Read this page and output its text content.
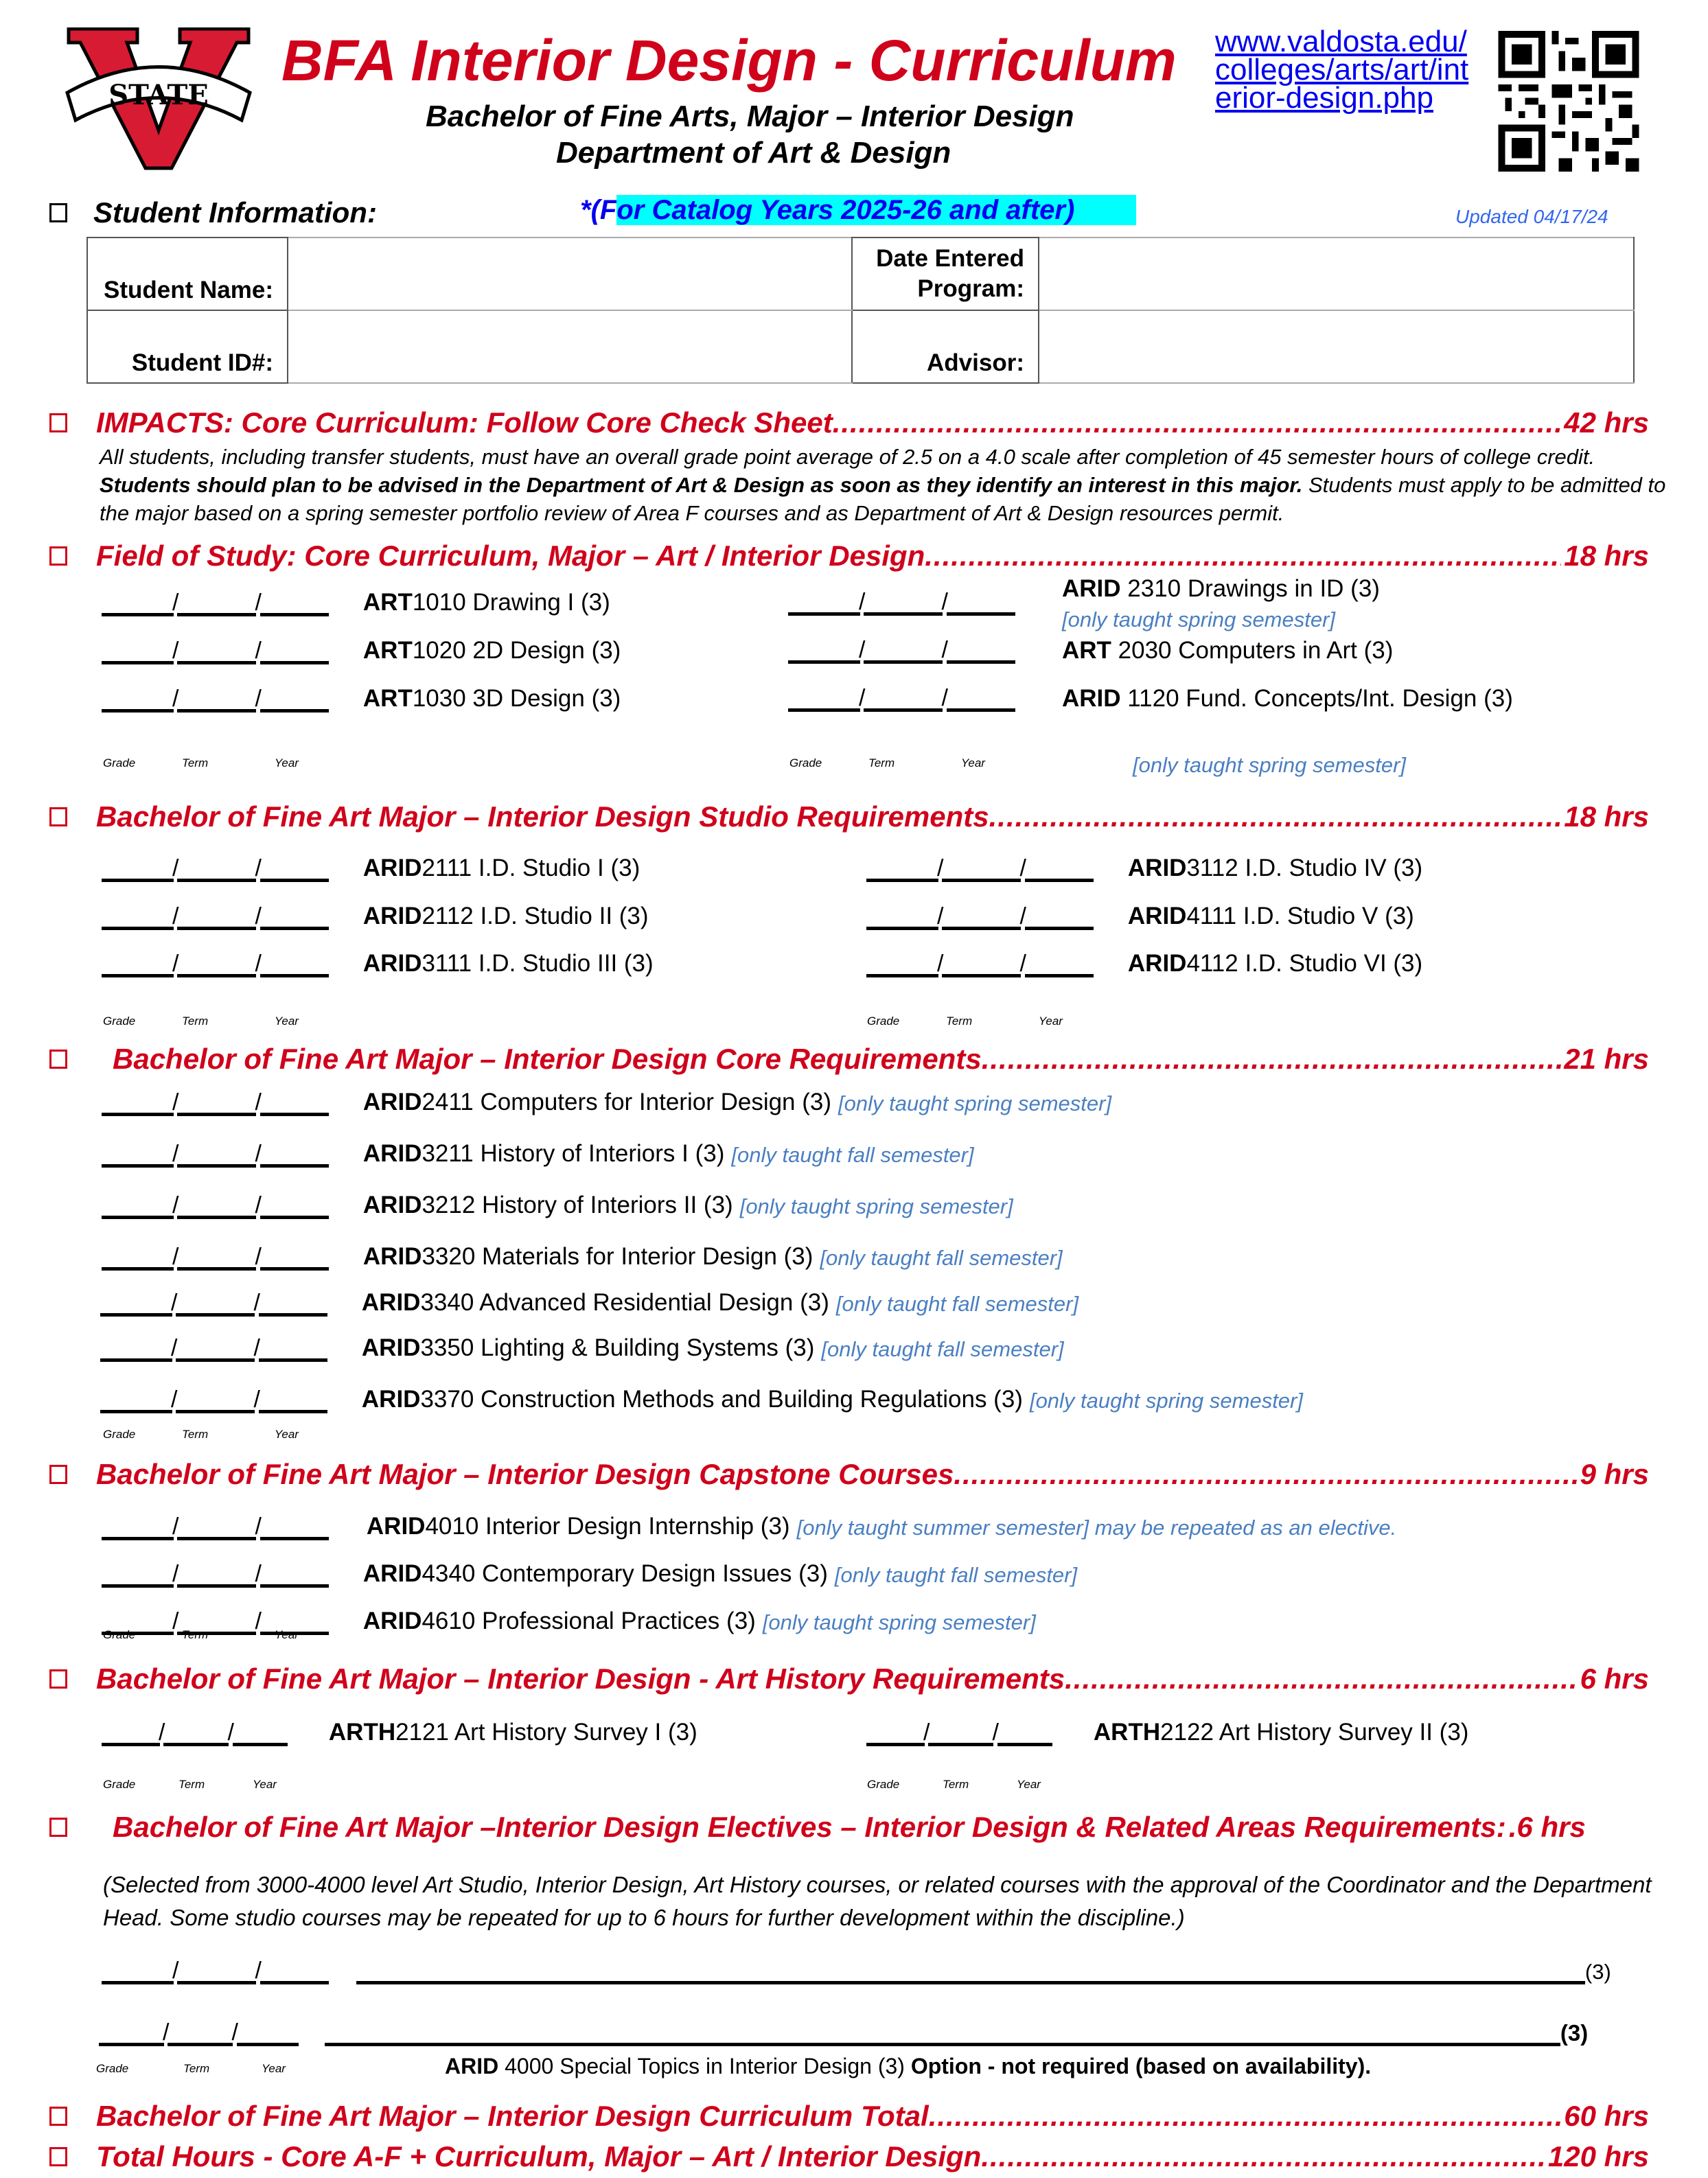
STATE
BFA Interior Design - Curriculum
Bachelor of Fine Arts, Major – Interior Design
Department of Art & Design
www.valdosta.edu/colleges/arts/art/interior-design.php
Student Information:	*(For Catalog Years 2025-26 and after)	Updated 04/17/24
Student Name:		Date Entered
Program:	
Student ID#:		Advisor:	
IMPACTS: Core Curriculum: Follow Core Check Sheet .....	42 hrs
All students, including transfer students, must have an overall grade point average of 2.5 on a 4.0 scale after completion of 45 semester hours of college credit. Students should plan to be advised in the Department of Art & Design as soon as they identify an interest in this major. Students must apply to be admitted to the major based on a spring semester portfolio review of Area F courses and as Department of Art & Design resources permit.
Field of Study: Core Curriculum, Major – Art / Interior Design .....	18 hrs
/	/	ART 1010 Drawing I (3)
/	/	ART 1020 2D Design (3)
/	/	ART 1030 3D Design (3)
/	/	ARID 2310 Drawings in ID (3)
[only taught spring semester]
/	/	ART 2030 Computers in Art (3)
/	/	ARID 1120 Fund. Concepts/Int. Design (3)
Grade	Term	Year	Grade	Term	Year	[only taught spring semester]
Bachelor of Fine Art Major – Interior Design Studio Requirements .....	18 hrs
/	/	ARID 2111 I.D. Studio I (3)
/	/	ARID 2112 I.D. Studio II (3)
/	/	ARID 3111 I.D. Studio III (3)
/	/	ARID 3112 I.D. Studio IV (3)
/	/	ARID 4111 I.D. Studio V (3)
/	/	ARID 4112 I.D. Studio VI (3)
Grade	Term	Year	Grade	Term	Year
Bachelor of Fine Art Major – Interior Design Core Requirements .....	21 hrs
/	/	ARID 2411 Computers for Interior Design (3) [only taught spring semester]
/	/	ARID 3211 History of Interiors I (3) [only taught fall semester]
/	/	ARID 3212 History of Interiors II (3) [only taught spring semester]
/	/	ARID 3320 Materials for Interior Design (3) [only taught fall semester]
/	/	ARID 3340 Advanced Residential Design (3) [only taught fall semester]
/	/	ARID 3350 Lighting & Building Systems (3) [only taught fall semester]
/	/	ARID 3370 Construction Methods and Building Regulations (3) [only taught spring semester]
Grade	Term	Year
Bachelor of Fine Art Major – Interior Design Capstone Courses .....	9 hrs
/	/	ARID 4010 Interior Design Internship (3) [only taught summer semester] may be repeated as an elective.
/	/	ARID 4340 Contemporary Design Issues (3) [only taught fall semester]
/	/	ARID 4610 Professional Practices (3) [only taught spring semester]
Grade	Term	Year
Bachelor of Fine Art Major – Interior Design - Art History Requirements .....	6 hrs
/	/	ARTH 2121 Art History Survey I (3)	/	/	ARTH 2122 Art History Survey II (3)
Grade	Term	Year	Grade	Term	Year
Bachelor of Fine Art Major –Interior Design Electives – Interior Design & Related Areas Requirements: .6 hrs
(Selected from 3000-4000 level Art Studio, Interior Design, Art History courses, or related courses with the approval of the Coordinator and the Department Head. Some studio courses may be repeated for up to 6 hours for further development within the discipline.)
/	/	(3)
/	/	(3)
Grade	Term	Year	ARID 4000 Special Topics in Interior Design (3) Option - not required (based on availability).
Bachelor of Fine Art Major – Interior Design Curriculum Total .....	60 hrs
Total Hours - Core A-F + Curriculum, Major – Art / Interior Design .....	120 hrs
